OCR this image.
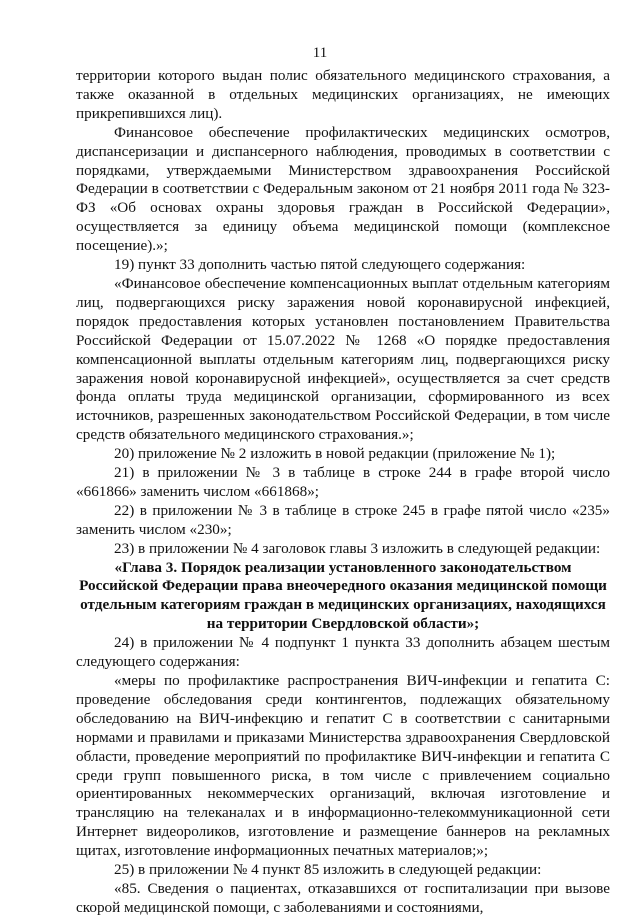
11

территории которого выдан полис обязательного медицинского страхования, а также оказанной в отдельных медицинских организациях, не имеющих прикрепившихся лиц).

Финансовое обеспечение профилактических медицинских осмотров, диспансеризации и диспансерного наблюдения, проводимых в соответствии с порядками, утверждаемыми Министерством здравоохранения Российской Федерации в соответствии с Федеральным законом от 21 ноября 2011 года № 323-ФЗ «Об основах охраны здоровья граждан в Российской Федерации», осуществляется за единицу объема медицинской помощи (комплексное посещение).»;

19) пункт 33 дополнить частью пятой следующего содержания:

«Финансовое обеспечение компенсационных выплат отдельным категориям лиц, подвергающихся риску заражения новой коронавирусной инфекцией, порядок предоставления которых установлен постановлением Правительства Российской Федерации от 15.07.2022 № 1268 «О порядке предоставления компенсационной выплаты отдельным категориям лиц, подвергающихся риску заражения новой коронавирусной инфекцией», осуществляется за счет средств фонда оплаты труда медицинской организации, сформированного из всех источников, разрешенных законодательством Российской Федерации, в том числе средств обязательного медицинского страхования.»;

20) приложение № 2 изложить в новой редакции (приложение № 1);

21) в приложении № 3 в таблице в строке 244 в графе второй число «661866» заменить числом «661868»;

22) в приложении № 3 в таблице в строке 245 в графе пятой число «235» заменить числом «230»;

23) в приложении № 4 заголовок главы 3 изложить в следующей редакции:

«Глава 3. Порядок реализации установленного законодательством

Российской Федерации права внеочередного оказания медицинской помощи

отдельным категориям граждан в медицинских организациях, находящихся

на территории Свердловской области»;

24) в приложении № 4 подпункт 1 пункта 33 дополнить абзацем шестым следующего содержания:

«меры по профилактике распространения ВИЧ-инфекции и гепатита С: проведение обследования среди контингентов, подлежащих обязательному обследованию на ВИЧ-инфекцию и гепатит С в соответствии с санитарными нормами и правилами и приказами Министерства здравоохранения Свердловской области, проведение мероприятий по профилактике ВИЧ-инфекции и гепатита С среди групп повышенного риска, в том числе с привлечением социально ориентированных некоммерческих организаций, включая изготовление и трансляцию на телеканалах и в информационно-телекоммуникационной сети Интернет видеороликов, изготовление и размещение баннеров на рекламных щитах, изготовление информационных печатных материалов;»;

25) в приложении № 4 пункт 85 изложить в следующей редакции:

«85. Сведения о пациентах, отказавшихся от госпитализации при вызове скорой медицинской помощи, с заболеваниями и состояниями,
